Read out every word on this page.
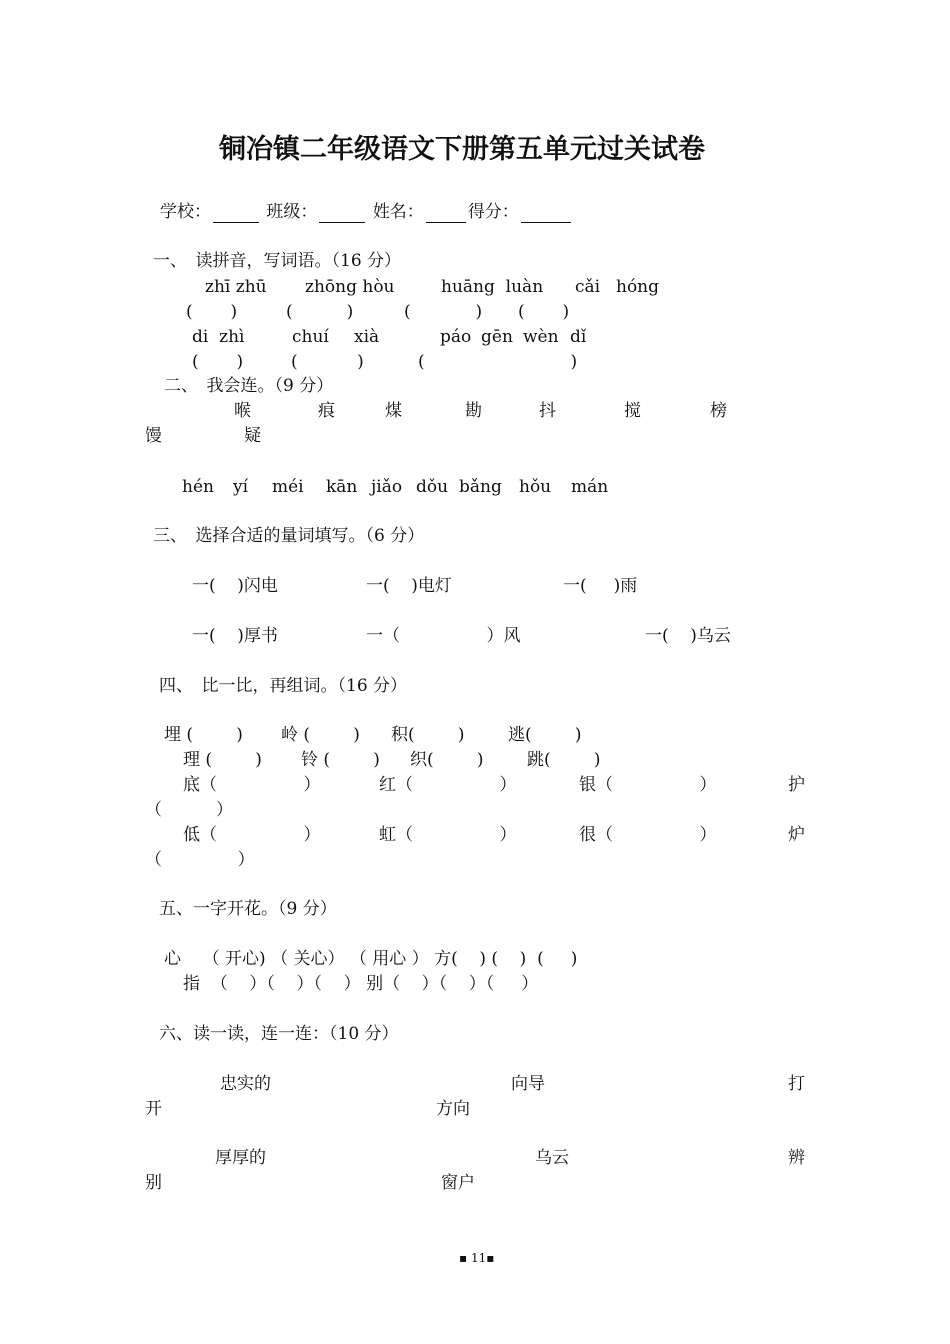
铜冶镇二年级语文下册第五单元过关试卷
学校：	班级：	姓名：	得分：
一、　读拼音，写词语。（16 分）
zhī zhū zhōng hòu	huāng  luàn cǎi hóng
(       )	(          )	(            ) (       )
di  zhì	chuí xià	páo gēn wèn dǐ
(       )	(           )	(                           )
二、　我会连。（9 分）
喉	痕	煤	勘	抖	搅	榜
馒	疑
hén yí méi kān jiǎo dǒu bǎng hǒu mán
三、　选择合适的量词填写。（6 分）
一(    )闪电	一(    )电灯	一(     )雨
一(    )厚书	一（                ）风	一(    )乌云
四、　比一比，再组词。（16 分）
埋 (        ) 岭 (        ) 积(        )	逃(        )
理 (        ) 铃 (        ) 织(        )	跳(        )
底（                ）	红（                ）	银（                ）	护
（          ）
低（                ）	虹（                ）	很（                ）	炉
（              ）
五、一字开花。（9 分）
心    （ 开心) （ 关心） （ 用心 ） 方(    ) (    )  (     )
指  （    ）（    ）（    ） 别（    ）（    ）（     ）
六、读一读，连一连：（10 分）
忠实的	向导	打
开	方向
厚厚的	乌云	辨
别	窗户
▪ 11▪
